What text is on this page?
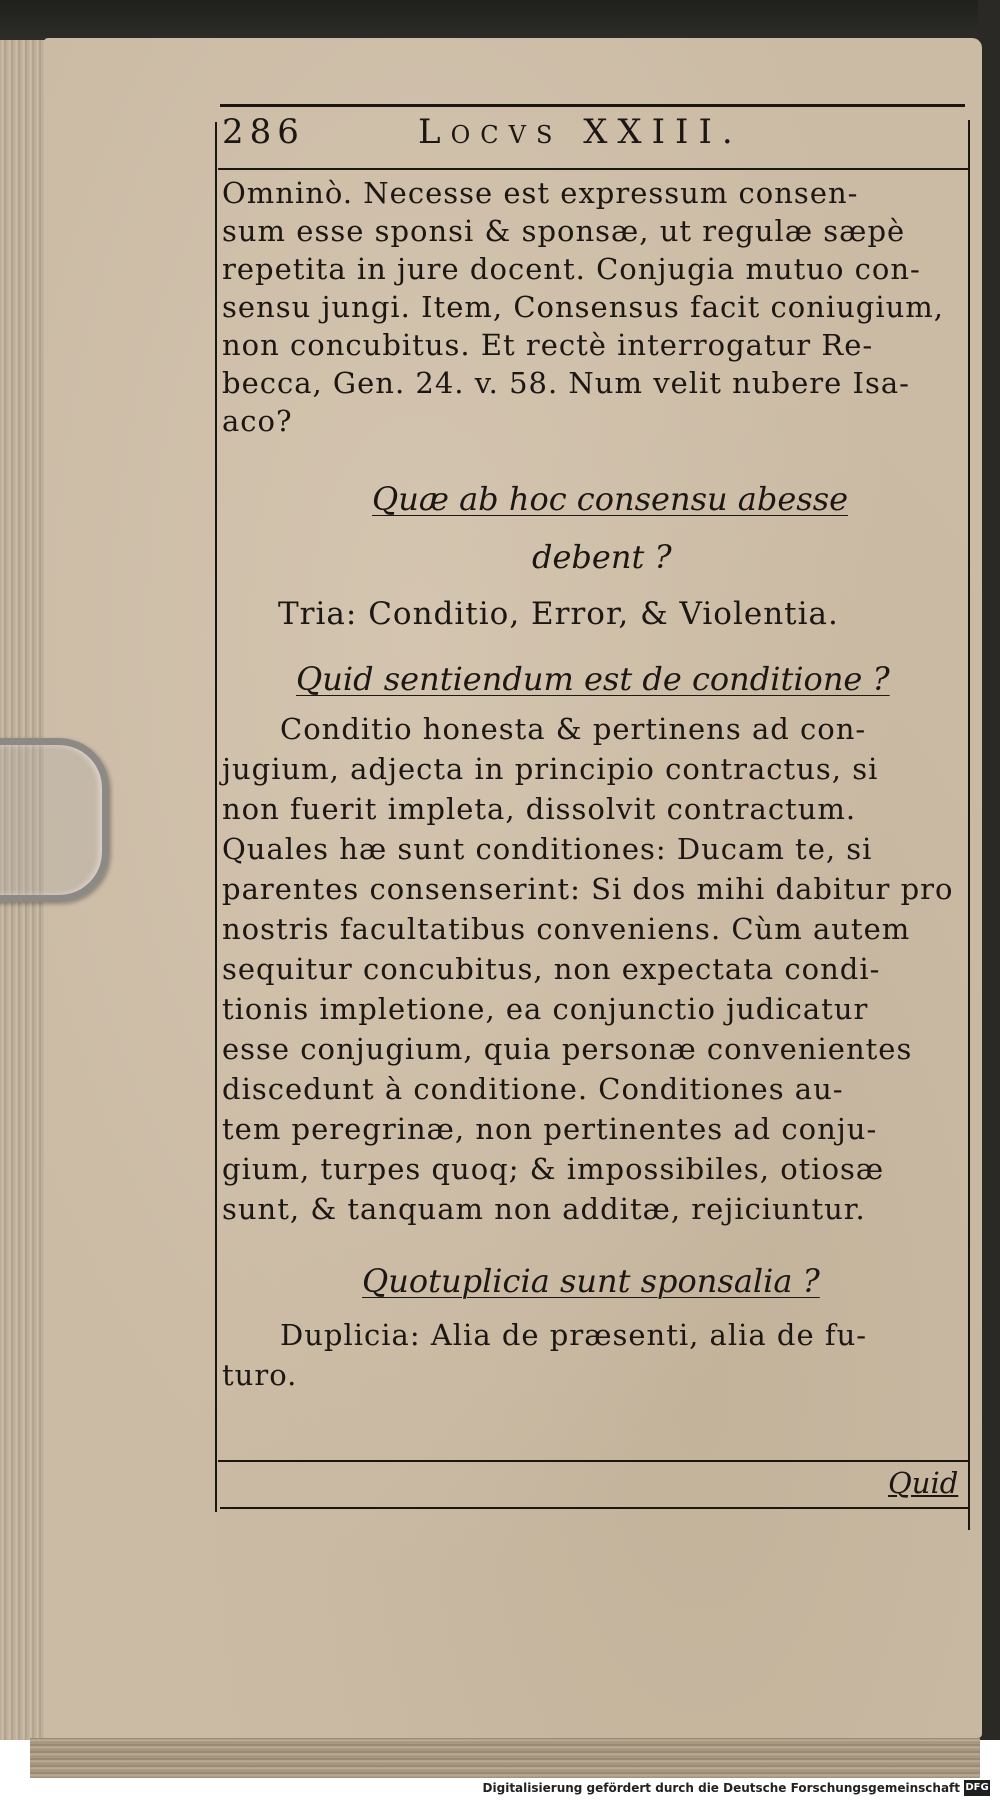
286	Locvs XXIII.
Omninò. Necesse est expressum consen-
sum esse sponsi & sponsæ, ut regulæ sæpè
repetita in jure docent. Conjugia mutuo con-
sensu jungi. Item, Consensus facit coniugium,
non concubitus. Et rectè interrogatur Re-
becca, Gen. 24. v. 58. Num velit nubere Isa-
aco?
Quæ ab hoc consensu abesse
debent ?
Tria: Conditio, Error, & Violentia.
Quid sentiendum est de conditione ?
Conditio honesta & pertinens ad con-
jugium, adjecta in principio contractus, si
non fuerit impleta, dissolvit contractum.
Quales hæ sunt conditiones: Ducam te, si
parentes consenserint: Si dos mihi dabitur pro
nostris facultatibus conveniens. Cùm autem
sequitur concubitus, non expectata condi-
tionis impletione, ea conjunctio judicatur
esse conjugium, quia personæ convenientes
discedunt à conditione. Conditiones au-
tem peregrinæ, non pertinentes ad conju-
gium, turpes quoq; & impossibiles, otiosæ
sunt, & tanquam non additæ, rejiciuntur.
Quotuplicia sunt sponsalia ?
Duplicia: Alia de præsenti, alia de fu-
turo.
Quid
Digitalisierung gefördert durch die Deutsche Forschungsgemeinschaft DFG
